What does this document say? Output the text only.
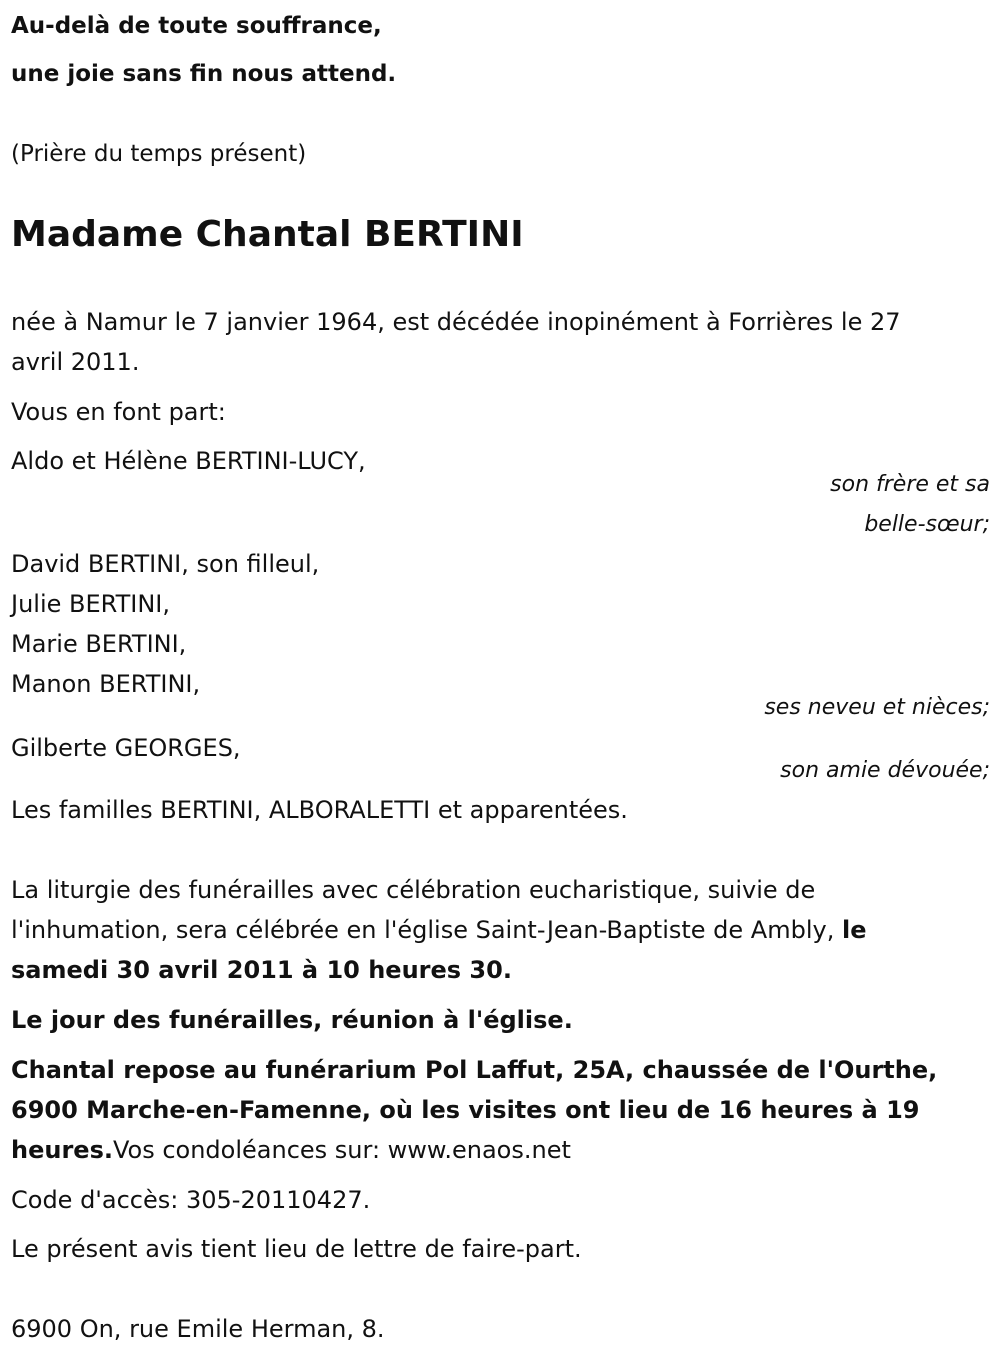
Au-delà de toute souffrance,
une joie sans fin nous attend.
(Prière du temps présent)
Madame Chantal BERTINI
née à Namur le 7 janvier 1964, est décédée inopinément à Forrières le 27
avril 2011.
Vous en font part:
Aldo et Hélène BERTINI-LUCY,
son frère et sa
belle-sœur;
David BERTINI, son filleul,
Julie BERTINI,
Marie BERTINI,
Manon BERTINI,
ses neveu et nièces;
Gilberte GEORGES,
son amie dévouée;
Les familles BERTINI, ALBORALETTI et apparentées.
La liturgie des funérailles avec célébration eucharistique, suivie de
l'inhumation, sera célébrée en l'église Saint-Jean-Baptiste de Ambly, le
samedi 30 avril 2011 à 10 heures 30.
Le jour des funérailles, réunion à l'église.
Chantal repose au funérarium Pol Laffut, 25A, chaussée de l'Ourthe,
6900 Marche-en-Famenne, où les visites ont lieu de 16 heures à 19
heures.Vos condoléances sur: www.enaos.net
Code d'accès: 305-20110427.
Le présent avis tient lieu de lettre de faire-part.
6900 On, rue Emile Herman, 8.
